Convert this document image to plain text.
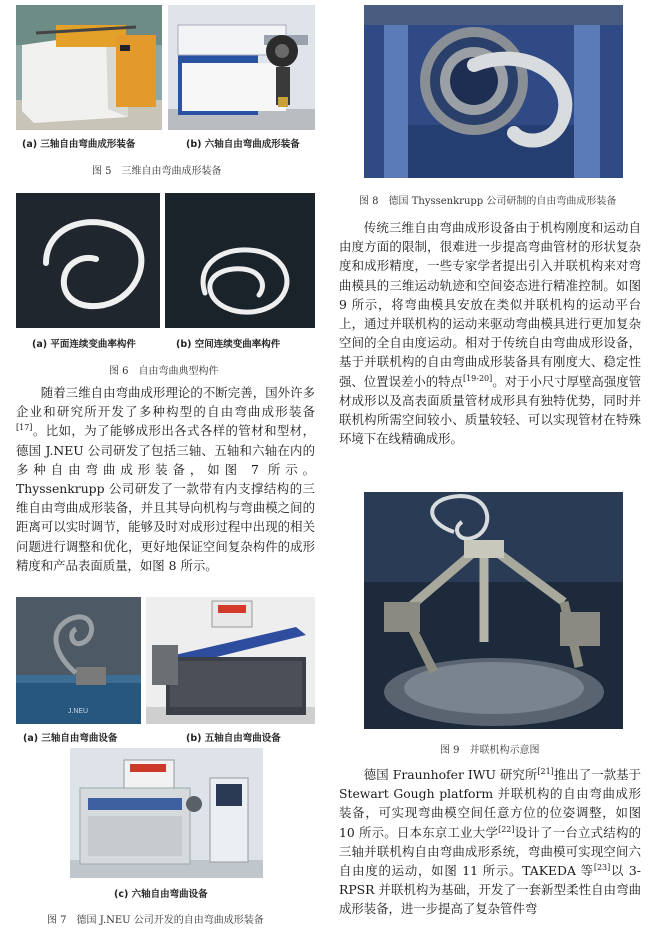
(a) 三轴自由弯曲成形装备	(b) 六轴自由弯曲成形装备
图 5　三维自由弯曲成形装备
(a) 平面连续变曲率构件	(b) 空间连续变曲率构件
图 6　自由弯曲典型构件

随着三维自由弯曲成形理论的不断完善，国外许多企业和研究所开发了多种构型的自由弯曲成形装备[17]。比如，为了能够成形出各式各样的管材和型材，德国 J.NEU 公司研发了包括三轴、五轴和六轴在内的多种自由弯曲成形装备，如图 7 所示。Thyssenkrupp 公司研发了一款带有内支撑结构的三维自由弯曲成形装备，并且其导向机构与弯曲模之间的距离可以实时调节，能够及时对成形过程中出现的相关问题进行调整和优化，更好地保证空间复杂构件的成形精度和产品表面质量，如图 8 所示。

J.NEU
(a) 三轴自由弯曲设备	(b) 五轴自由弯曲设备
(c) 六轴自由弯曲设备
图 7　德国 J.NEU 公司开发的自由弯曲成形装备
图 8　德国 Thyssenkrupp 公司研制的自由弯曲成形装备

传统三维自由弯曲成形设备由于机构刚度和运动自由度方面的限制，很难进一步提高弯曲管材的形状复杂度和成形精度，一些专家学者提出引入并联机构来对弯曲模具的三维运动轨迹和空间姿态进行精准控制。如图 9 所示，将弯曲模具安放在类似并联机构的运动平台上，通过并联机构的运动来驱动弯曲模具进行更加复杂空间的全自由度运动。相对于传统自由弯曲成形设备，基于并联机构的自由弯曲成形装备具有刚度大、稳定性强、位置误差小的特点[19-20]。对于小尺寸厚壁高强度管材成形以及高表面质量管材成形具有独特优势，同时并联机构所需空间较小、质量较轻、可以实现管材在特殊环境下在线精确成形。

图 9　并联机构示意图

德国 Fraunhofer IWU 研究所[21]推出了一款基于 Stewart Gough platform 并联机构的自由弯曲成形装备，可实现弯曲模空间任意方位的位姿调整，如图 10 所示。日本东京工业大学[22]设计了一台立式结构的三轴并联机构自由弯曲成形系统，弯曲模可实现空间六自由度的运动，如图 11 所示。TAKEDA 等[23]以 3-RPSR 并联机构为基础，开发了一套新型柔性自由弯曲成形装备，进一步提高了复杂管件弯
